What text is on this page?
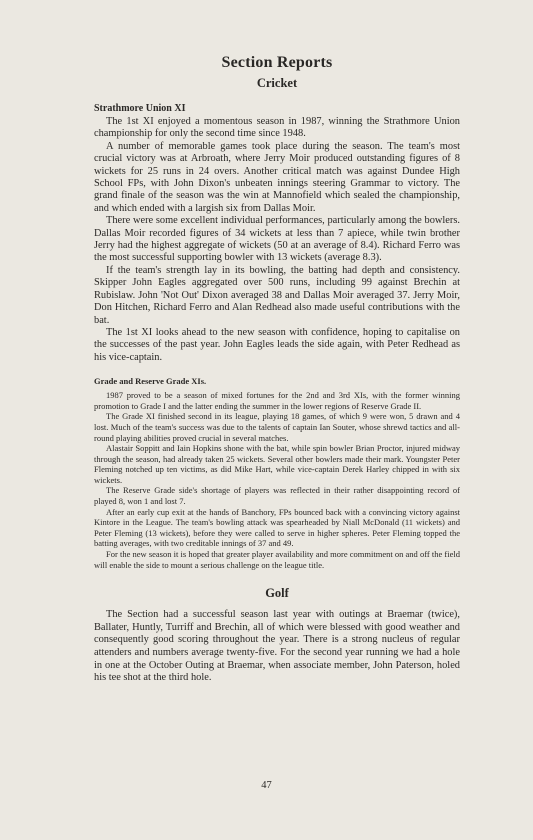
Section Reports
Cricket
Strathmore Union XI

The 1st XI enjoyed a momentous season in 1987, winning the Strathmore Union championship for only the second time since 1948.

A number of memorable games took place during the season. The team's most crucial victory was at Arbroath, where Jerry Moir produced outstanding figures of 8 wickets for 25 runs in 24 overs. Another critical match was against Dundee High School FPs, with John Dixon's unbeaten innings steering Grammar to victory. The grand finale of the season was the win at Mannofield which sealed the championship, and which ended with a largish six from Dallas Moir.

There were some excellent individual performances, particularly among the bowlers. Dallas Moir recorded figures of 34 wickets at less than 7 apiece, while twin brother Jerry had the highest aggregate of wickets (50 at an average of 8.4). Richard Ferro was the most successful supporting bowler with 13 wickets (average 8.3).

If the team's strength lay in its bowling, the batting had depth and consistency. Skipper John Eagles aggregated over 500 runs, including 99 against Brechin at Rubislaw. John 'Not Out' Dixon averaged 38 and Dallas Moir averaged 37. Jerry Moir, Don Hitchen, Richard Ferro and Alan Redhead also made useful contributions with the bat.

The 1st XI looks ahead to the new season with confidence, hoping to capitalise on the successes of the past year. John Eagles leads the side again, with Peter Redhead as his vice-captain.

Grade and Reserve Grade XIs.

1987 proved to be a season of mixed fortunes for the 2nd and 3rd XIs, with the former winning promotion to Grade I and the latter ending the summer in the lower regions of Reserve Grade II.

The Grade XI finished second in its league, playing 18 games, of which 9 were won, 5 drawn and 4 lost. Much of the team's success was due to the talents of captain Ian Souter, whose shrewd tactics and all-round playing abilities proved crucial in several matches.

Alastair Soppitt and Iain Hopkins shone with the bat, while spin bowler Brian Proctor, injured midway through the season, had already taken 25 wickets. Several other bowlers made their mark. Youngster Peter Fleming notched up ten victims, as did Mike Hart, while vice-captain Derek Harley chipped in with six wickets.

The Reserve Grade side's shortage of players was reflected in their rather disappointing record of played 8, won 1 and lost 7.

After an early cup exit at the hands of Banchory, FPs bounced back with a convincing victory against Kintore in the League. The team's bowling attack was spearheaded by Niall McDonald (11 wickets) and Peter Fleming (13 wickets), before they were called to serve in higher spheres. Peter Fleming topped the batting averages, with two creditable innings of 37 and 49.

For the new season it is hoped that greater player availability and more commitment on and off the field will enable the side to mount a serious challenge on the league title.

Golf

The Section had a successful season last year with outings at Braemar (twice), Ballater, Huntly, Turriff and Brechin, all of which were blessed with good weather and consequently good scoring throughout the year. There is a strong nucleus of regular attenders and numbers average twenty-five. For the second year running we had a hole in one at the October Outing at Braemar, when associate member, John Paterson, holed his tee shot at the third hole.

47
